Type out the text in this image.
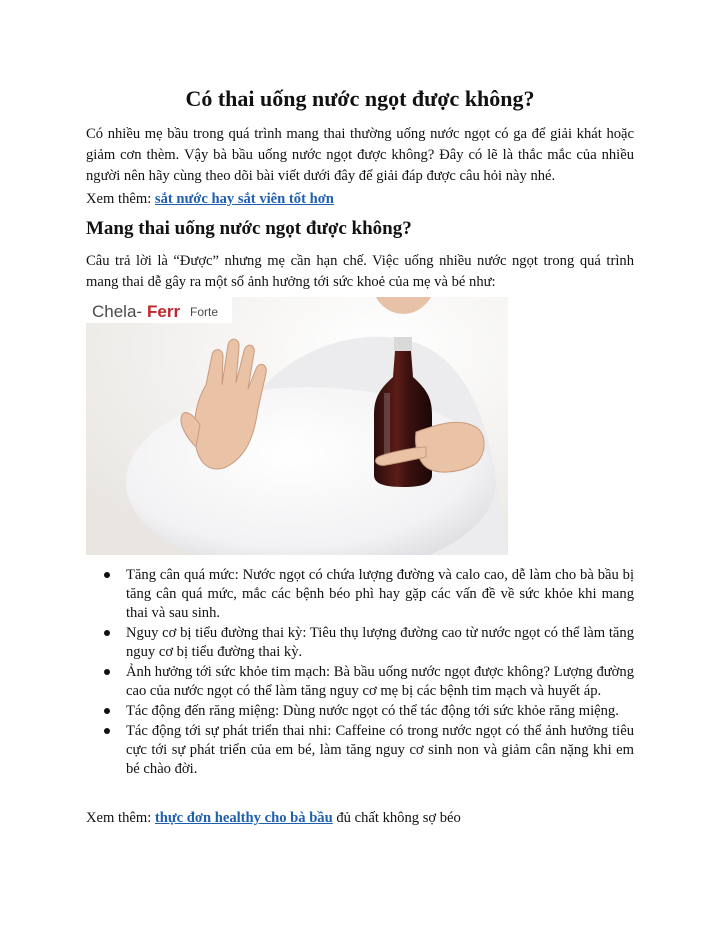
Có thai uống nước ngọt được không?

Có nhiều mẹ bầu trong quá trình mang thai thường uống nước ngọt có ga để giải khát hoặc giảm cơn thèm. Vậy bà bầu uống nước ngọt được không? Đây có lẽ là thắc mắc của nhiều người nên hãy cùng theo dõi bài viết dưới đây để giải đáp được câu hỏi này nhé.

Xem thêm: sắt nước hay sắt viên tốt hơn

Mang thai uống nước ngọt được không?

Câu trả lời là “Được” nhưng mẹ cần hạn chế. Việc uống nhiều nước ngọt trong quá trình mang thai dễ gây ra một số ảnh hưởng tới sức khoẻ của mẹ và bé như:

Chela- Ferr Forte
Tăng cân quá mức: Nước ngọt có chứa lượng đường và calo cao, dễ làm cho bà bầu bị tăng cân quá mức, mắc các bệnh béo phì hay gặp các vấn đề về sức khỏe khi mang thai và sau sinh.
Nguy cơ bị tiểu đường thai kỳ: Tiêu thụ lượng đường cao từ nước ngọt có thể làm tăng nguy cơ bị tiểu đường thai kỳ.
Ảnh hưởng tới sức khỏe tim mạch: Bà bầu uống nước ngọt được không? Lượng đường cao của nước ngọt có thể làm tăng nguy cơ mẹ bị các bệnh tim mạch và huyết áp.
Tác động đến răng miệng: Dùng nước ngọt có thể tác động tới sức khỏe răng miệng.
Tác động tới sự phát triển thai nhi: Caffeine có trong nước ngọt có thể ảnh hưởng tiêu cực tới sự phát triển của em bé, làm tăng nguy cơ sinh non và giảm cân nặng khi em bé chào đời.

Xem thêm: thực đơn healthy cho bà bầu đủ chất không sợ béo
